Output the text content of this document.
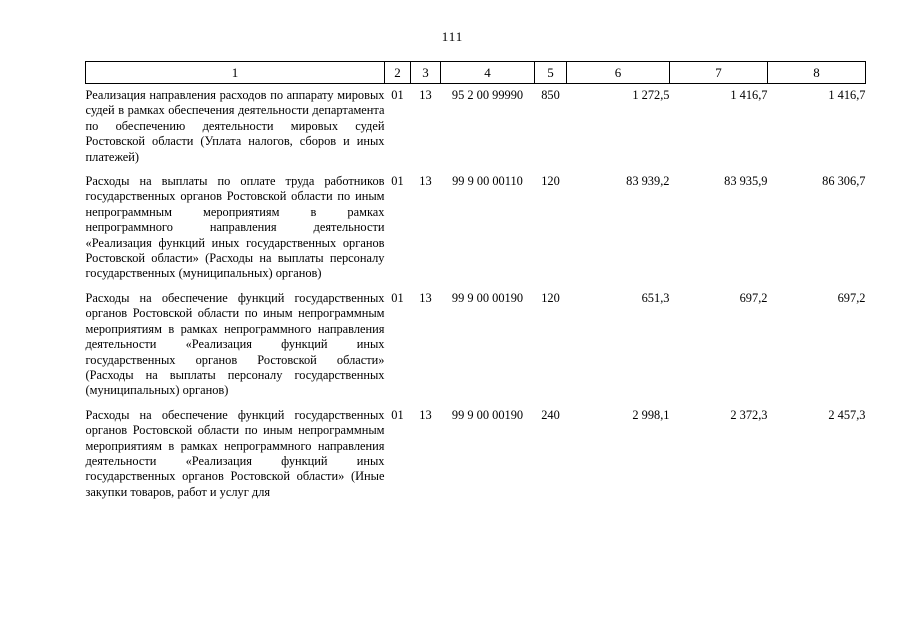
111
1	2	3	4	5	6	7	8
Реализация направления расходов по аппарату мировых судей в рамках обеспечения деятельности департамента по обеспечению деятельности мировых судей Ростовской области (Уплата налогов, сборов и иных платежей)	01	13	95 2 00 99990	850	1 272,5	1 416,7	1 416,7
Расходы на выплаты по оплате труда работников государственных органов Ростовской области по иным непрограммным мероприятиям в рамках непрограммного направления деятельности «Реализация функций иных государственных органов Ростовской области» (Расходы на выплаты персоналу государственных (муниципальных) органов)	01	13	99 9 00 00110	120	83 939,2	83 935,9	86 306,7
Расходы на обеспечение функций государственных органов Ростовской области по иным непрограммным мероприятиям в рамках непрограммного направления деятельности «Реализация функций иных государственных органов Ростовской области» (Расходы на выплаты персоналу государственных (муниципальных) органов)	01	13	99 9 00 00190	120	651,3	697,2	697,2
Расходы на обеспечение функций государственных органов Ростовской области по иным непрограммным мероприятиям в рамках непрограммного направления деятельности «Реализация функций иных государственных органов Ростовской области» (Иные закупки товаров, работ и услуг для	01	13	99 9 00 00190	240	2 998,1	2 372,3	2 457,3
